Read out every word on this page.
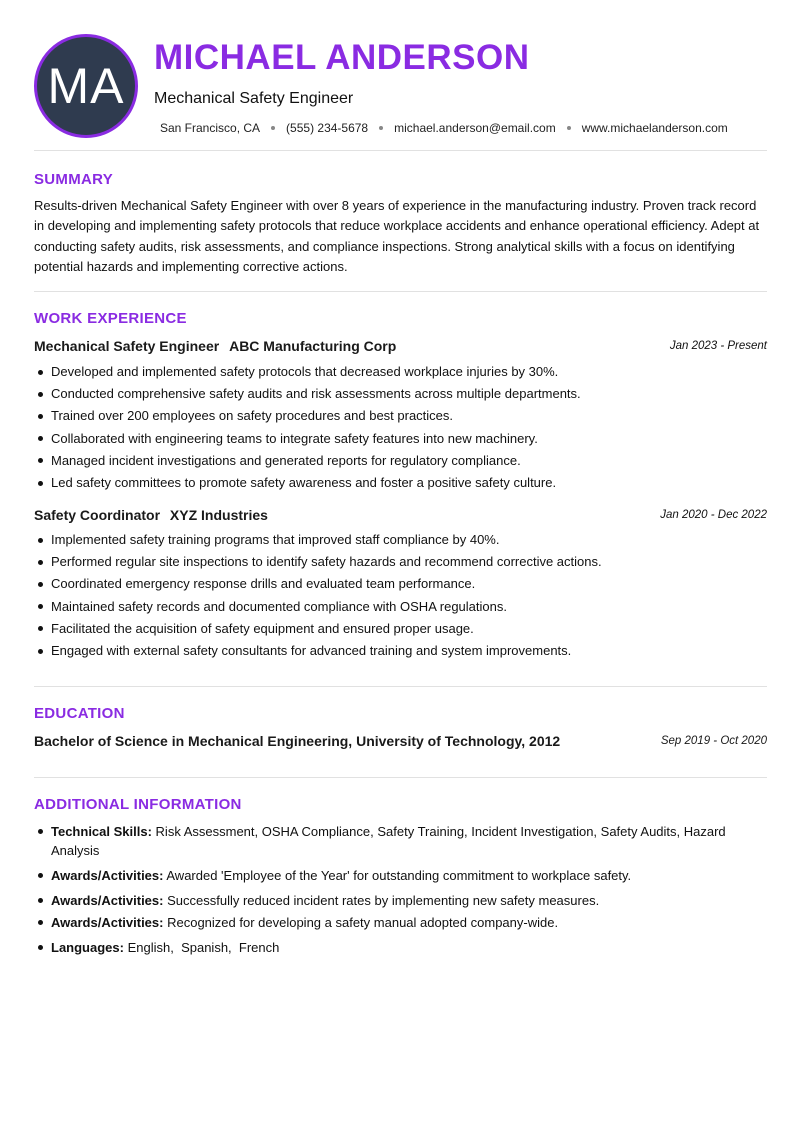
MA
MICHAEL ANDERSON
Mechanical Safety Engineer
San Francisco, CA (555) 234-5678 michael.anderson@email.com www.michaelanderson.com
SUMMARY
Results-driven Mechanical Safety Engineer with over 8 years of experience in the manufacturing industry. Proven track record in developing and implementing safety protocols that reduce workplace accidents and enhance operational efficiency. Adept at conducting safety audits, risk assessments, and compliance inspections. Strong analytical skills with a focus on identifying potential hazards and implementing corrective actions.
WORK EXPERIENCE
Mechanical Safety Engineer ABC Manufacturing Corp	Jan 2023 - Present
Developed and implemented safety protocols that decreased workplace injuries by 30%.
Conducted comprehensive safety audits and risk assessments across multiple departments.
Trained over 200 employees on safety procedures and best practices.
Collaborated with engineering teams to integrate safety features into new machinery.
Managed incident investigations and generated reports for regulatory compliance.
Led safety committees to promote safety awareness and foster a positive safety culture.
Safety Coordinator XYZ Industries	Jan 2020 - Dec 2022
Implemented safety training programs that improved staff compliance by 40%.
Performed regular site inspections to identify safety hazards and recommend corrective actions.
Coordinated emergency response drills and evaluated team performance.
Maintained safety records and documented compliance with OSHA regulations.
Facilitated the acquisition of safety equipment and ensured proper usage.
Engaged with external safety consultants for advanced training and system improvements.
EDUCATION
Bachelor of Science in Mechanical Engineering, University of Technology, 2012	Sep 2019 - Oct 2020
ADDITIONAL INFORMATION
Technical Skills: Risk Assessment, OSHA Compliance, Safety Training, Incident Investigation, Safety Audits, Hazard Analysis
Awards/Activities: Awarded 'Employee of the Year' for outstanding commitment to workplace safety.
Awards/Activities: Successfully reduced incident rates by implementing new safety measures.
Awards/Activities: Recognized for developing a safety manual adopted company-wide.
Languages: English,  Spanish,  French
